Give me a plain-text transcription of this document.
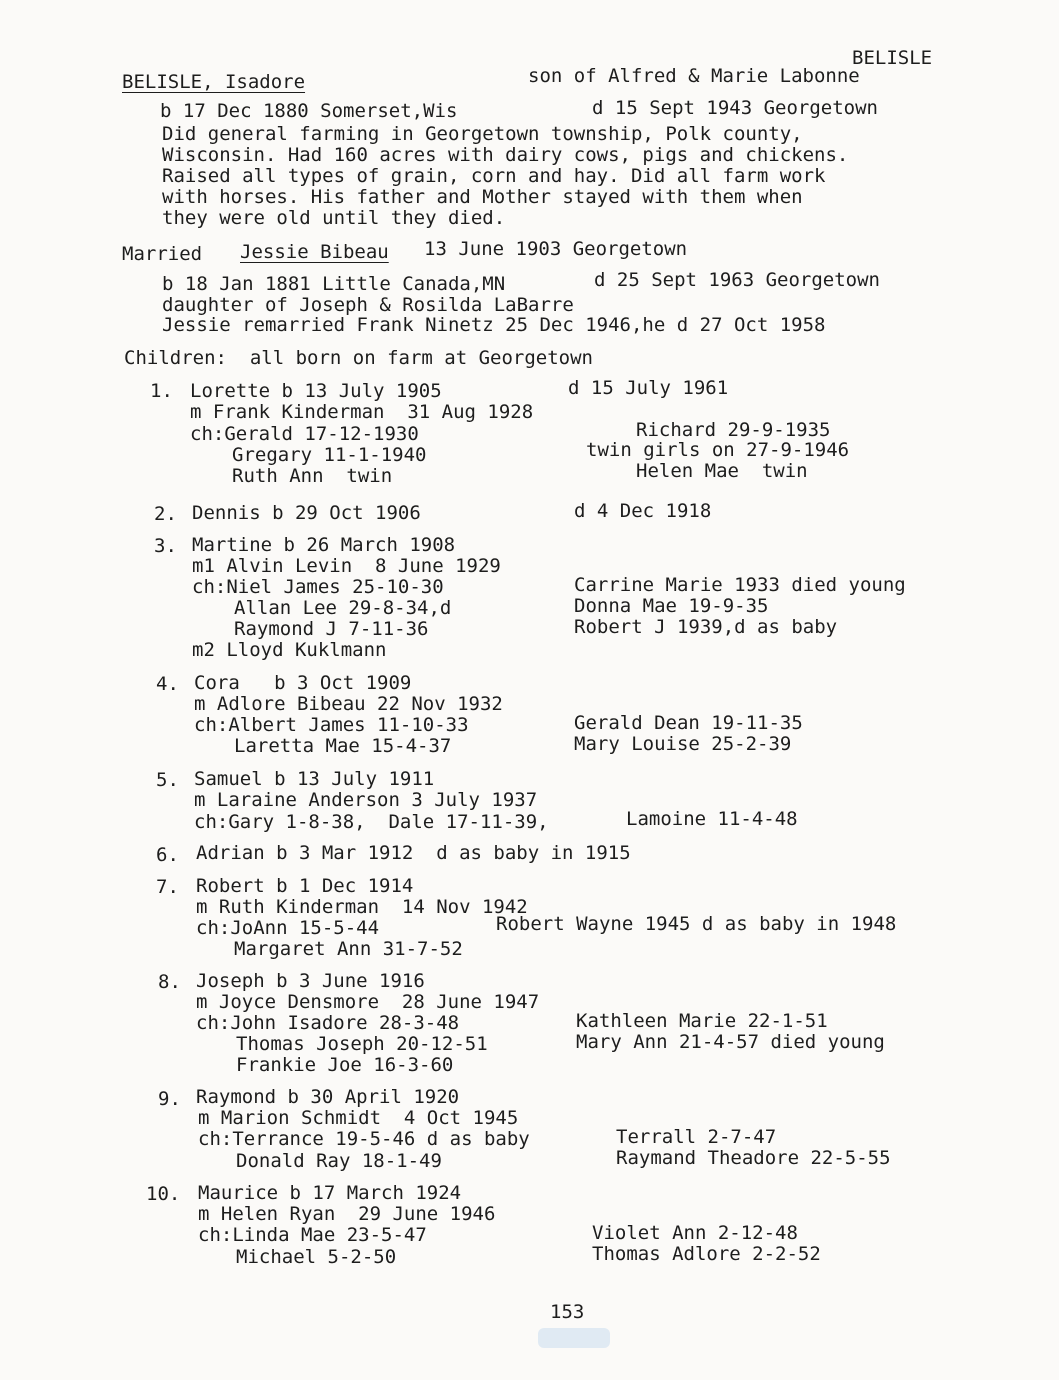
BELISLE
BELISLE, Isadore	son of Alfred & Marie Labonne
b 17 Dec 1880 Somerset,Wis	d 15 Sept 1943 Georgetown
Did general farming in Georgetown township, Polk county,
Wisconsin. Had 160 acres with dairy cows, pigs and chickens.
Raised all types of grain, corn and hay. Did all farm work
with horses. His father and Mother stayed with them when
they were old until they died.
Married Jessie Bibeau 13 June 1903 Georgetown
b 18 Jan 1881 Little Canada,MN	d 25 Sept 1963 Georgetown
daughter of Joseph & Rosilda LaBarre
Jessie remarried Frank Ninetz 25 Dec 1946,he d 27 Oct 1958
Children:  all born on farm at Georgetown
1. Lorette b 13 July 1905	d 15 July 1961
m Frank Kinderman  31 Aug 1928
ch:Gerald 17-12-1930
Gregary 11-1-1940
Ruth Ann  twin
Richard 29-9-1935
twin girls on 27-9-1946
Helen Mae  twin
2. Dennis b 29 Oct 1906	d 4 Dec 1918
3. Martine b 26 March 1908
m1 Alvin Levin  8 June 1929
ch:Niel James 25-10-30
Allan Lee 29-8-34,d
Raymond J 7-11-36
m2 Lloyd Kuklmann
Carrine Marie 1933 died young
Donna Mae 19-9-35
Robert J 1939,d as baby
4. Cora   b 3 Oct 1909
m Adlore Bibeau 22 Nov 1932
ch:Albert James 11-10-33
Laretta Mae 15-4-37
Gerald Dean 19-11-35
Mary Louise 25-2-39
5. Samuel b 13 July 1911
m Laraine Anderson 3 July 1937
ch:Gary 1-8-38,  Dale 17-11-39,	Lamoine 11-4-48
6. Adrian b 3 Mar 1912  d as baby in 1915
7. Robert b 1 Dec 1914
m Ruth Kinderman  14 Nov 1942
ch:JoAnn 15-5-44
Margaret Ann 31-7-52
Robert Wayne 1945 d as baby in 1948
8. Joseph b 3 June 1916
m Joyce Densmore  28 June 1947
ch:John Isadore 28-3-48
Thomas Joseph 20-12-51
Frankie Joe 16-3-60
Kathleen Marie 22-1-51
Mary Ann 21-4-57 died young
9. Raymond b 30 April 1920
m Marion Schmidt  4 Oct 1945
ch:Terrance 19-5-46 d as baby
Donald Ray 18-1-49
Terrall 2-7-47
Raymand Theadore 22-5-55
10. Maurice b 17 March 1924
m Helen Ryan  29 June 1946
ch:Linda Mae 23-5-47
Michael 5-2-50
Violet Ann 2-12-48
Thomas Adlore 2-2-52
153
